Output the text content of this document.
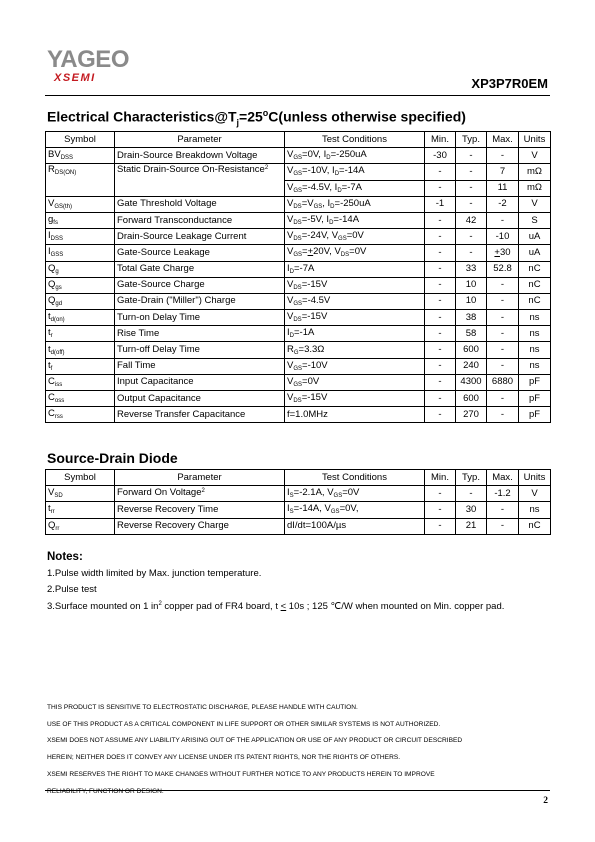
YAGEO
XSEMI	XP3P7R0EM
Electrical $Characteristics@T_j=25^oC(unless$ otherwise specified)
Symbol	Parameter	Test Conditions	Min.	Typ.	Max.	Units
$BV_{DSS}$	Drain-Source Breakdown Voltage	$V_{GS}=0V$, $I_D=-250uA$	-30	-	-	V
$R_{DS(ON)}$	Static Drain-Source On-Resistance$^2$	$V_{GS}=-10V$, $I_D=-14A$	-	-	7	mΩ
		$V_{GS}=-4.5V$, $I_D=-7A$	-	-	11	mΩ
$V_{GS(th)}$	Gate Threshold Voltage	$V_{DS}=V_{GS}$, $I_D=-250uA$	-1	-	-2	V
$g_{fs}$	Forward Transconductance	$V_{DS}=-5V$, $I_D=-14A$	-	42	-	S
$I_{DSS}$	Drain-Source Leakage Current	$V_{DS}=-24V$, $V_{GS}=0V$	-	-	-10	uA
$I_{GSS}$	Gate-Source Leakage	$V_{GS}=+20V$, $V_{DS}=0V$	-	-	+30	uA
$Q_g$	Total Gate Charge	$I_D=-7A$	-	33	52.8	nC
$Q_{gs}$	Gate-Source Charge	$V_{DS}=-15V$	-	10	-	nC
$Q_{gd}$	Gate-Drain ("Miller") Charge	$V_{GS}=-4.5V$	-	10	-	nC
$t_{d(on)}$	Turn-on Delay Time	$V_{DS}=-15V$	-	38	-	ns
$t_r$	Rise Time	$I_D=-1A$	-	58	-	ns
$t_{d(off)}$	Turn-off Delay Time	$R_G=3.3\Omega$	-	600	-	ns
$t_f$	Fall Time	$V_{GS}=-10V$	-	240	-	ns
$C_{iss}$	Input Capacitance	$V_{GS}=0V$	-	4300	6880	pF
$C_{oss}$	Output Capacitance	$V_{DS}=-15V$	-	600	-	pF
$C_{rss}$	Reverse Transfer Capacitance	f=1.0MHz	-	270	-	pF
Source-Drain Diode
Symbol	Parameter	Test Conditions	Min.	Typ.	Max.	Units
$V_{SD}$	Forward On Voltage$^2$	$I_S=-2.1A$, $V_{GS}=0V$	-	-	-1.2	V
$t_{rr}$	Reverse Recovery Time	$I_S=-14A$, $V_{GS}=0V$,	-	30	-	ns
$Q_{rr}$	Reverse Recovery Charge	dI/dt=100A/µs	-	21	-	nC
Notes:
1.Pulse width limited by Max. junction temperature.
2.Pulse test
3.Surface mounted on 1 $in^2$ copper pad of FR4 board, t < 10s ; 125 ℃/W when mounted on Min. copper pad.
THIS PRODUCT IS SENSITIVE TO ELECTROSTATIC DISCHARGE, PLEASE HANDLE WITH CAUTION.
USE OF THIS PRODUCT AS A CRITICAL COMPONENT IN LIFE SUPPORT OR OTHER SIMILAR SYSTEMS IS NOT AUTHORIZED.
XSEMI DOES NOT ASSUME ANY LIABILITY ARISING OUT OF THE APPLICATION OR USE OF ANY PRODUCT OR CIRCUIT DESCRIBED
HEREIN; NEITHER DOES IT CONVEY ANY LICENSE UNDER ITS PATENT RIGHTS, NOR THE RIGHTS OF OTHERS.
XSEMI RESERVES THE RIGHT TO MAKE CHANGES WITHOUT FURTHER NOTICE TO ANY PRODUCTS HEREIN TO IMPROVE
RELIABILITY, FUNCTION OR DESIGN.
2
